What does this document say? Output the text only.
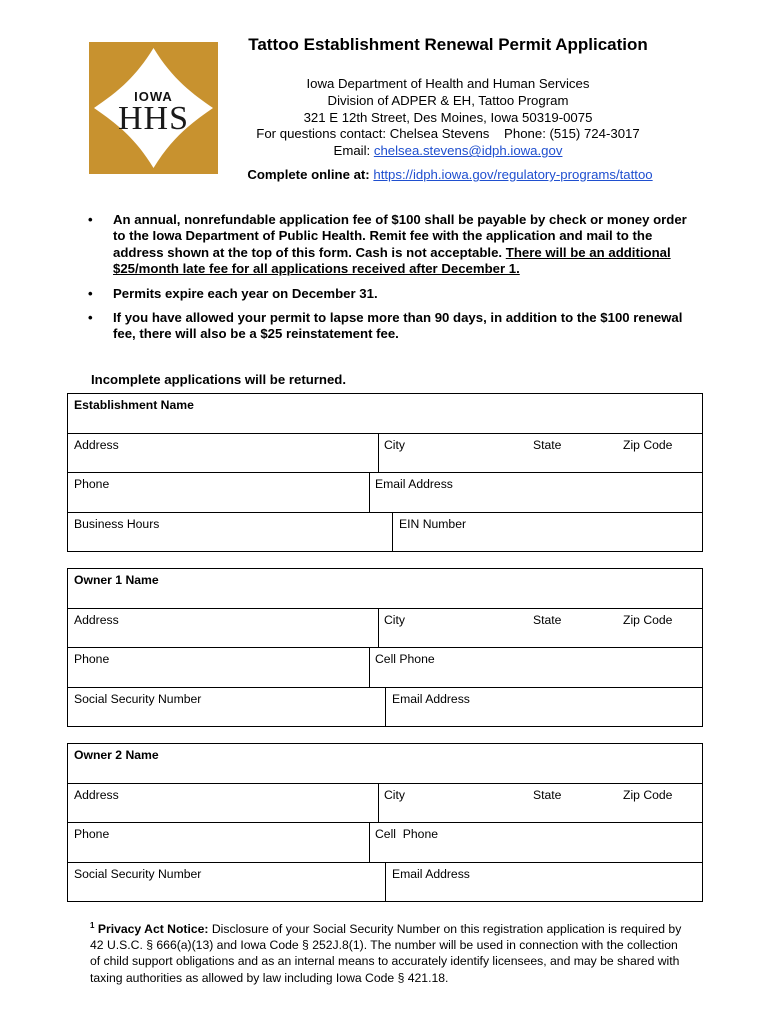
IOWA
HHS
Tattoo Establishment Renewal Permit Application
Iowa Department of Health and Human Services
Division of ADPER & EH, Tattoo Program
321 E 12th Street, Des Moines, Iowa 50319-0075
For questions contact: Chelsea Stevens    Phone: (515) 724-3017
Email: chelsea.stevens@idph.iowa.gov
Complete online at: https://idph.iowa.gov/regulatory-programs/tattoo
• An annual, nonrefundable application fee of $100 shall be payable by check or money order to the Iowa Department of Public Health. Remit fee with the application and mail to the address shown at the top of this form. Cash is not acceptable. There will be an additional $25/month late fee for all applications received after December 1.
• Permits expire each year on December 31.
• If you have allowed your permit to lapse more than 90 days, in addition to the $100 renewal fee, there will also be a $25 reinstatement fee.
Incomplete applications will be returned.
Establishment Name
Address	City	State	Zip Code
Phone	Email Address
Business Hours	EIN Number
Owner 1 Name
Address	City	State	Zip Code
Phone	Cell Phone
Social Security Number	Email Address
Owner 2 Name
Address	City	State	Zip Code
Phone	Cell  Phone
Social Security Number	Email Address
$^1$ Privacy Act Notice: Disclosure of your Social Security Number on this registration application is required by 42 U.S.C. § 666(a)(13) and Iowa Code § 252J.8(1). The number will be used in connection with the collection of child support obligations and as an internal means to accurately identify licensees, and may be shared with taxing authorities as allowed by law including Iowa Code § 421.18.
